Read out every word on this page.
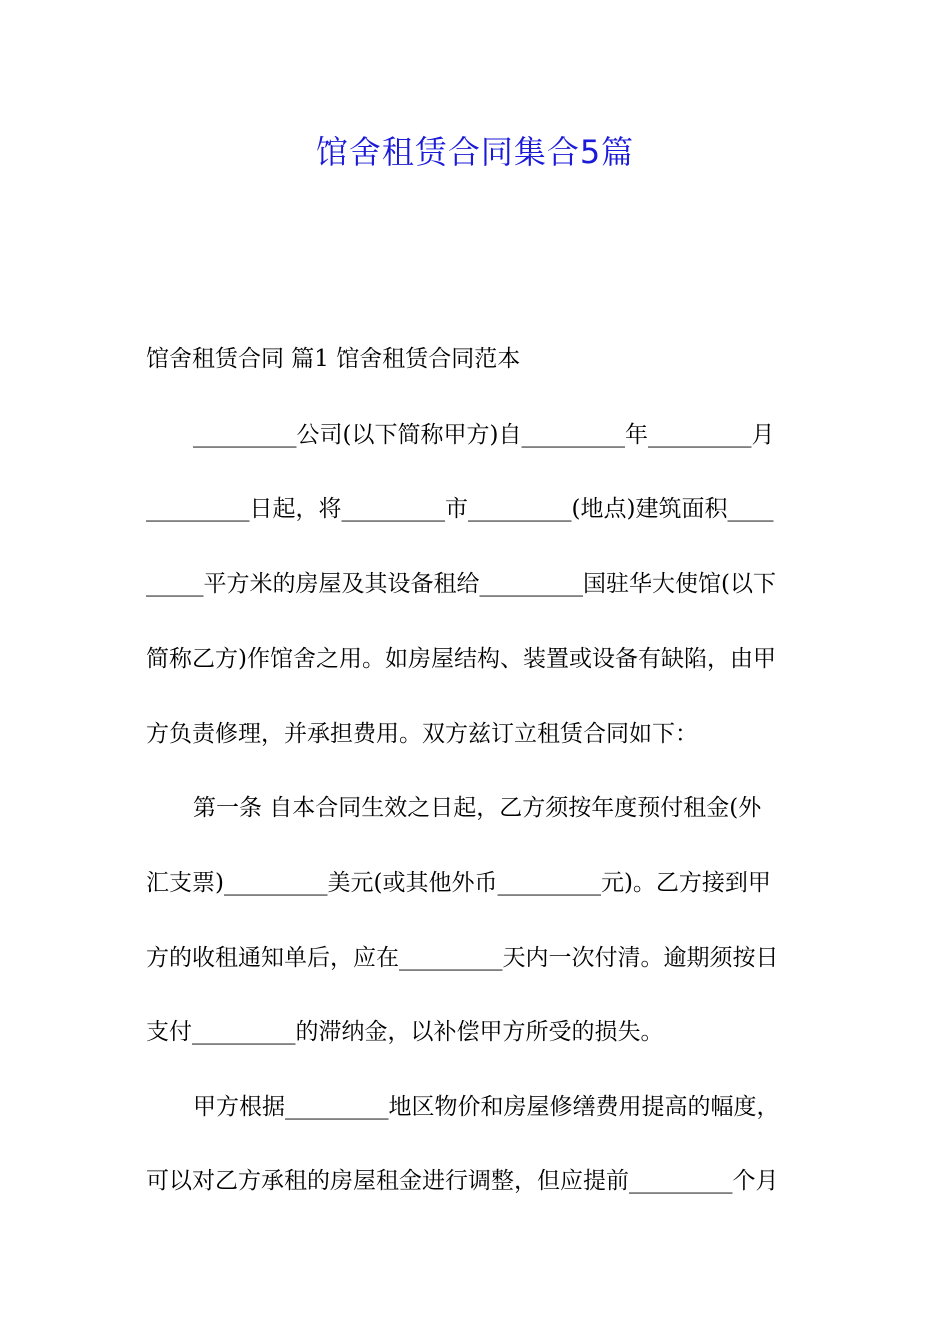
馆舍租赁合同集合5篇
馆舍租赁合同 篇1 馆舍租赁合同范本
_________公司(以下简称甲方)自_________年_________月
_________日起，将_________市_________(地点)建筑面积____
_____平方米的房屋及其设备租给_________国驻华大使馆(以下
简称乙方)作馆舍之用。如房屋结构、装置或设备有缺陷，由甲
方负责修理，并承担费用。双方兹订立租赁合同如下：
第一条 自本合同生效之日起，乙方须按年度预付租金(外
汇支票)_________美元(或其他外币_________元)。乙方接到甲
方的收租通知单后，应在_________天内一次付清。逾期须按日
支付_________的滞纳金，以补偿甲方所受的损失。
甲方根据_________地区物价和房屋修缮费用提高的幅度，
可以对乙方承租的房屋租金进行调整，但应提前_________个月
